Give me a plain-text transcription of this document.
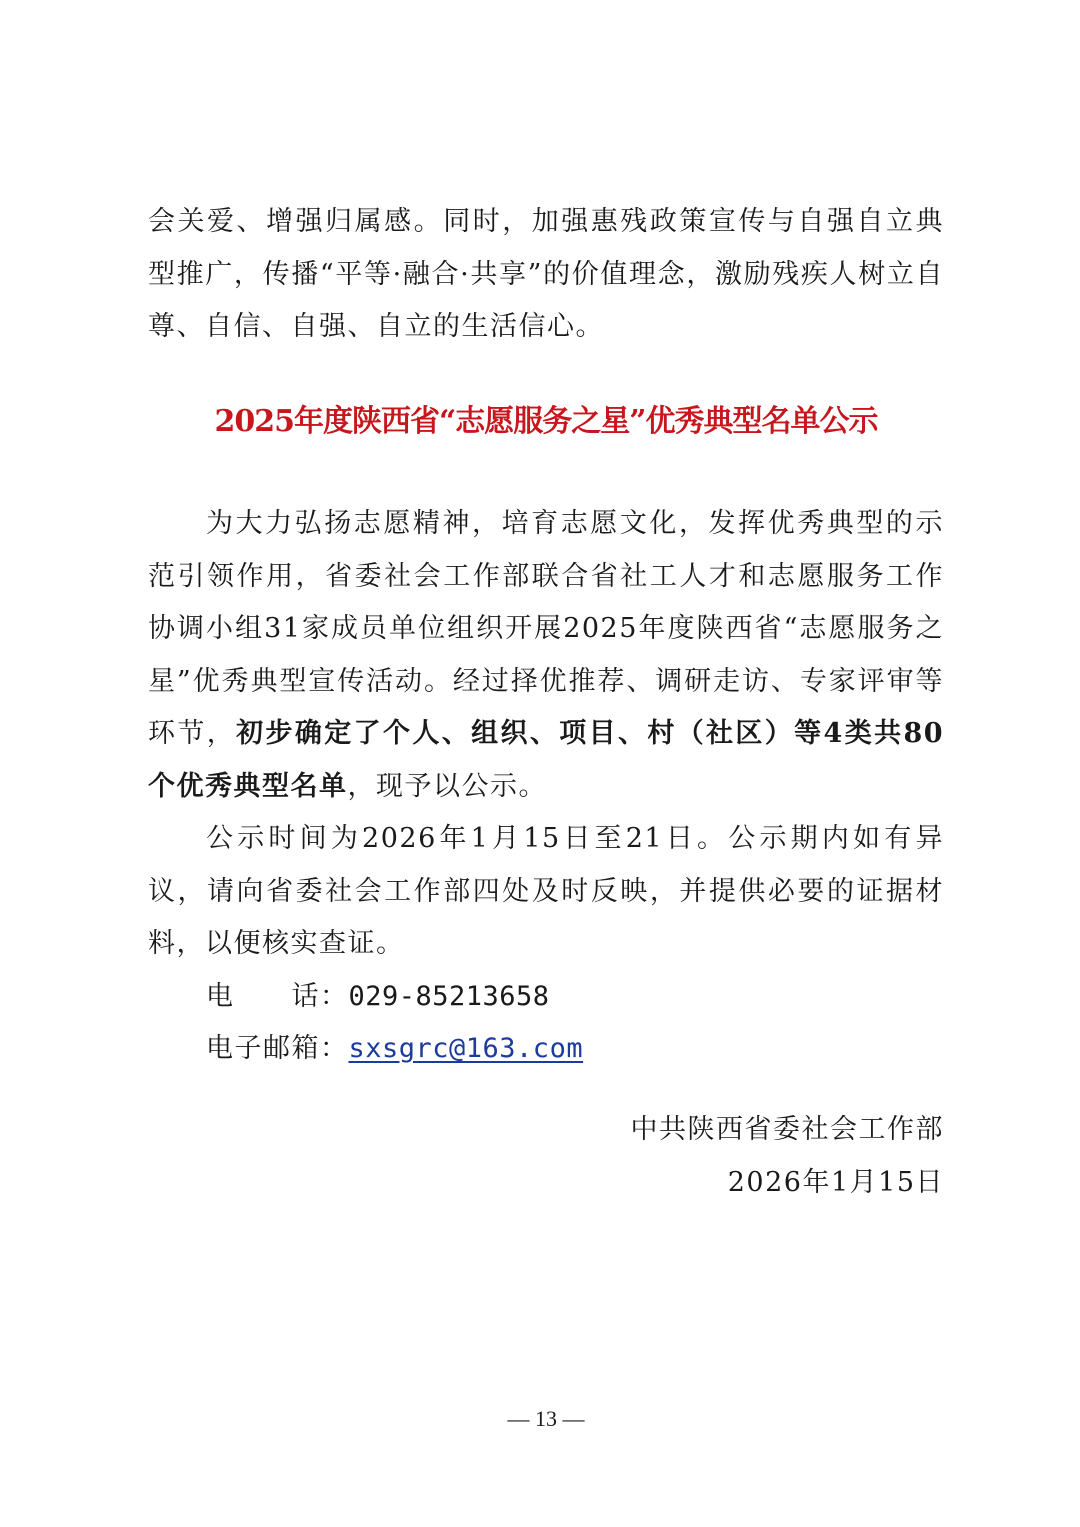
会关爱、增强归属感。同时，加强惠残政策宣传与自强自立典型推广，传播“平等·融合·共享”的价值理念，激励残疾人树立自尊、自信、自强、自立的生活信心。

2025年度陕西省“志愿服务之星”优秀典型名单公示

为大力弘扬志愿精神，培育志愿文化，发挥优秀典型的示范引领作用，省委社会工作部联合省社工人才和志愿服务工作协调小组31家成员单位组织开展2025年度陕西省“志愿服务之星”优秀典型宣传活动。经过择优推荐、调研走访、专家评审等环节，初步确定了个人、组织、项目、村（社区）等4类共80个优秀典型名单，现予以公示。

公示时间为2026年1月15日至21日。公示期内如有异议，请向省委社会工作部四处及时反映，并提供必要的证据材料，以便核实查证。

电　　话：029-85213658

电子邮箱：sxsgrc@163.com

中共陕西省委社会工作部
2026年1月15日
— 13 —
